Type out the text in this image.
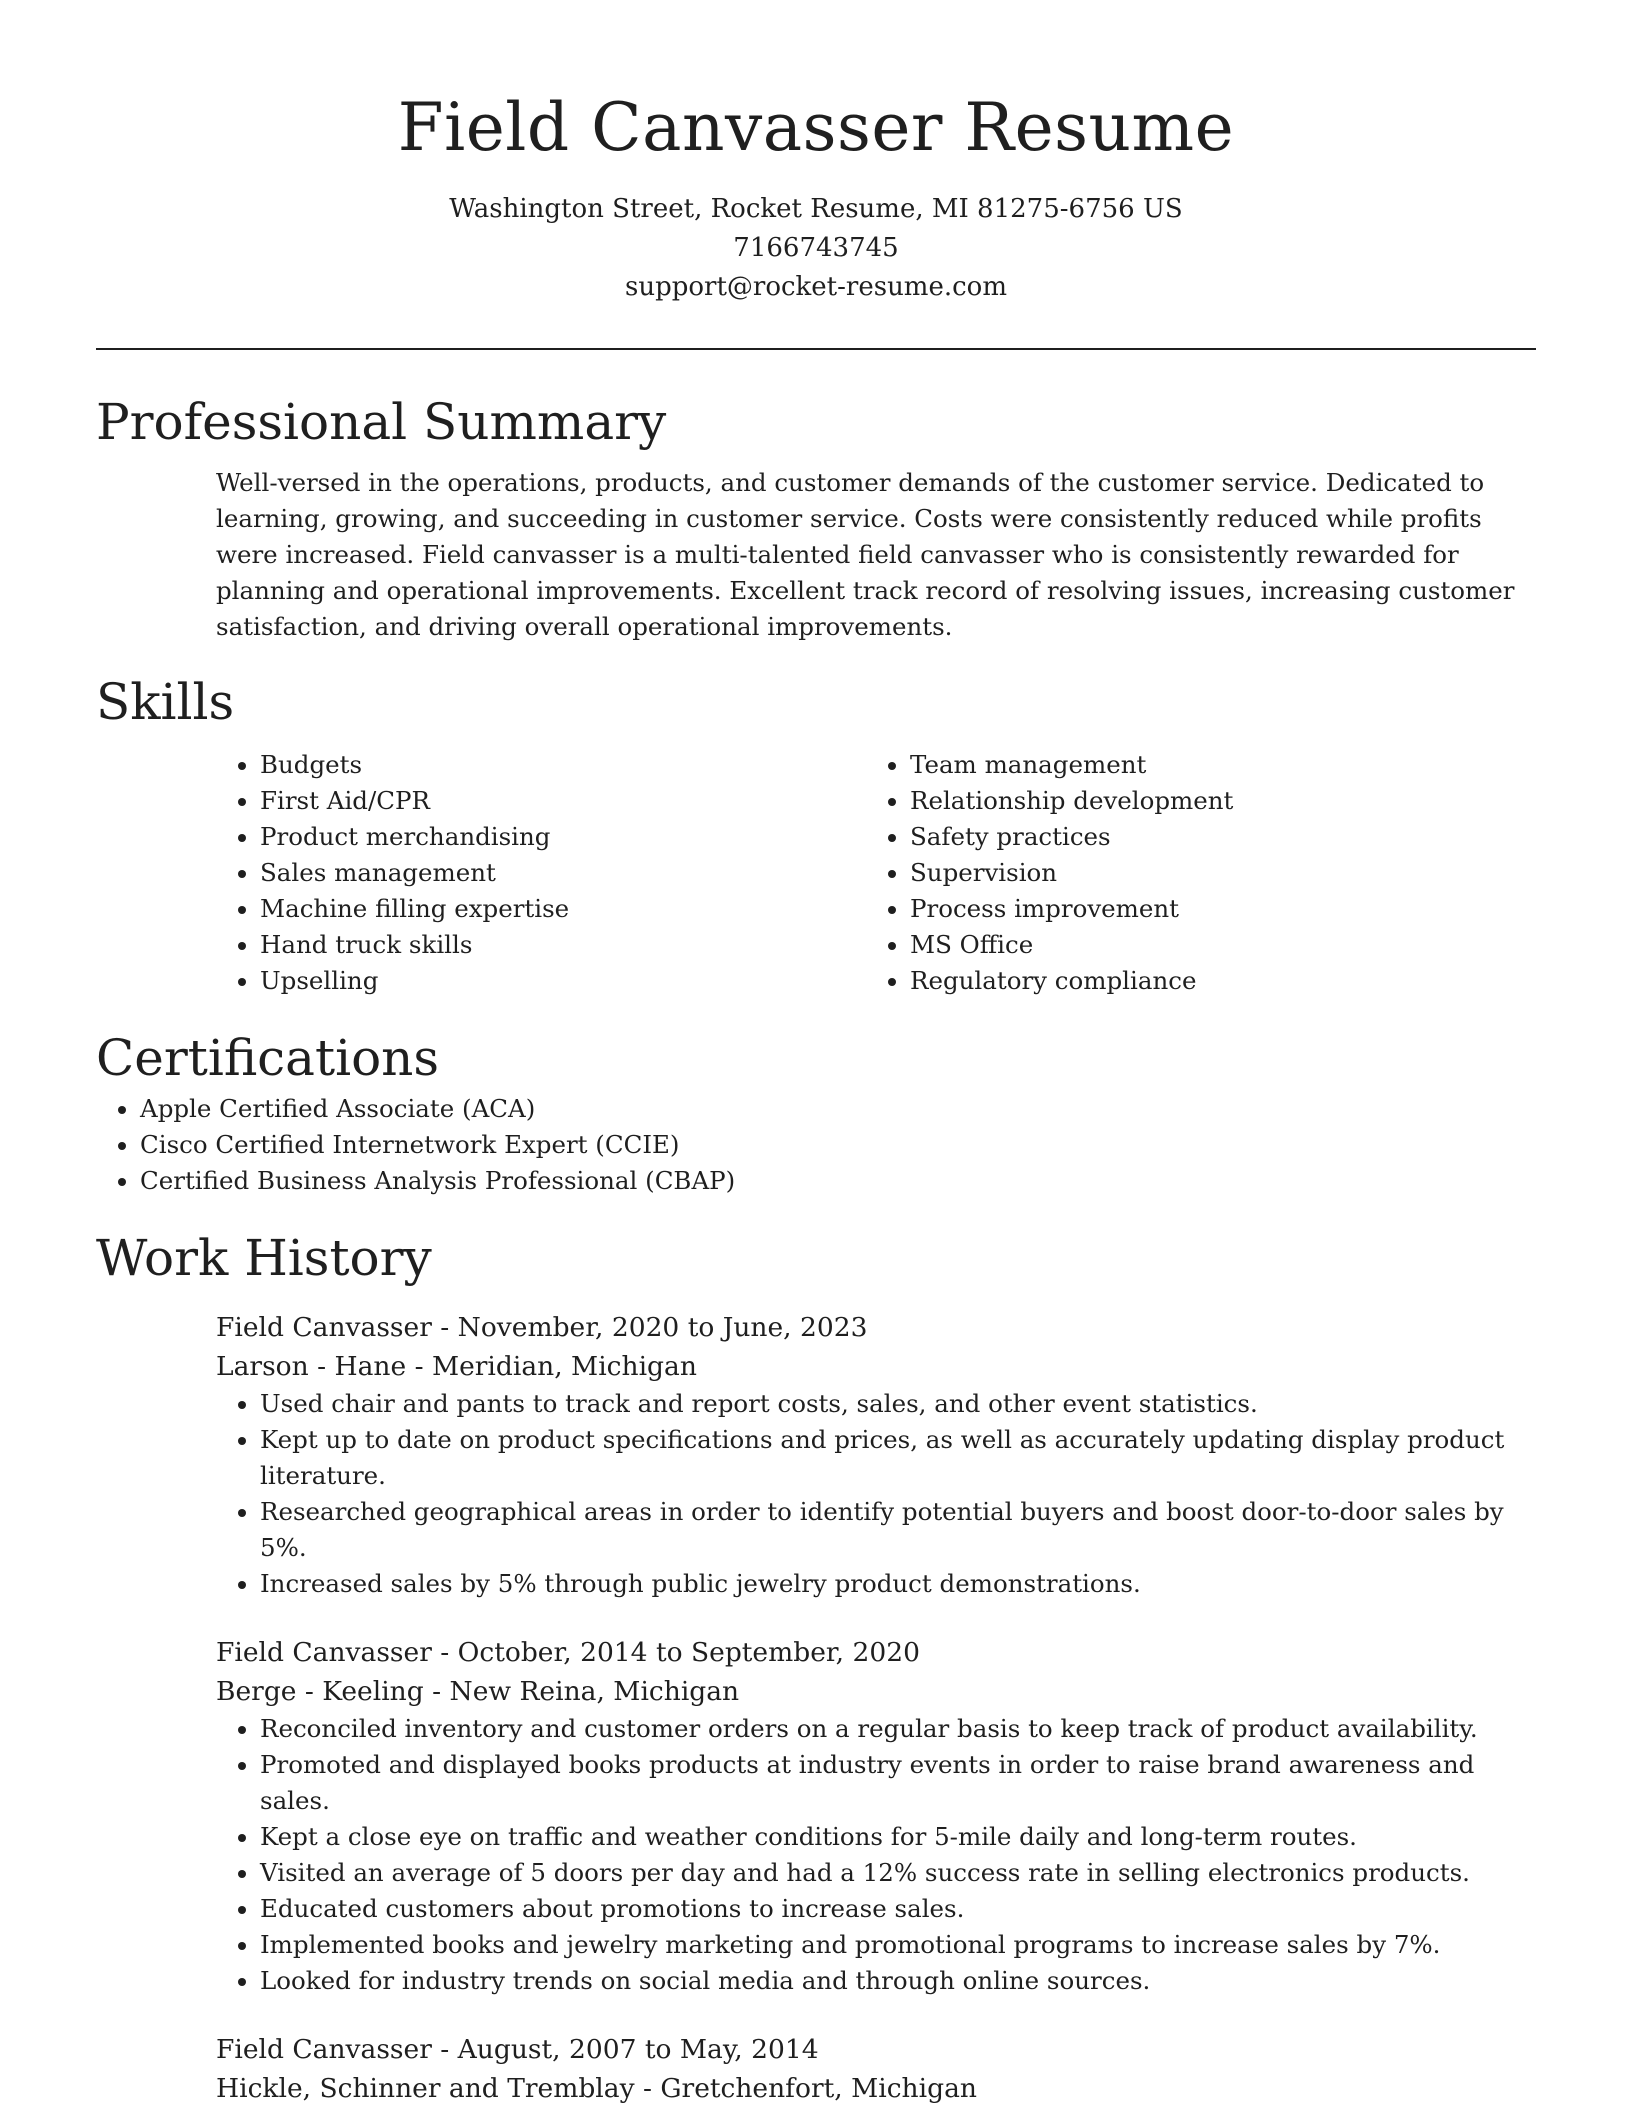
Field Canvasser Resume
Washington Street, Rocket Resume, MI 81275-6756 US
7166743745
support@rocket-resume.com
Professional Summary

Well-versed in the operations, products, and customer demands of the customer service. Dedicated to learning, growing, and succeeding in customer service. Costs were consistently reduced while profits were increased. Field canvasser is a multi-talented field canvasser who is consistently rewarded for planning and operational improvements. Excellent track record of resolving issues, increasing customer satisfaction, and driving overall operational improvements.

Skills
• Budgets
• First Aid/CPR
• Product merchandising
• Sales management
• Machine filling expertise
• Hand truck skills
• Upselling
• Team management
• Relationship development
• Safety practices
• Supervision
• Process improvement
• MS Office
• Regulatory compliance
Certifications
• Apple Certified Associate (ACA)
• Cisco Certified Internetwork Expert (CCIE)
• Certified Business Analysis Professional (CBAP)
Work History
Field Canvasser - November, 2020 to June, 2023
Larson - Hane - Meridian, Michigan
• Used chair and pants to track and report costs, sales, and other event statistics.
• Kept up to date on product specifications and prices, as well as accurately updating display product literature.
• Researched geographical areas in order to identify potential buyers and boost door-to-door sales by 5%.
• Increased sales by 5% through public jewelry product demonstrations.
Field Canvasser - October, 2014 to September, 2020
Berge - Keeling - New Reina, Michigan
• Reconciled inventory and customer orders on a regular basis to keep track of product availability.
• Promoted and displayed books products at industry events in order to raise brand awareness and sales.
• Kept a close eye on traffic and weather conditions for 5-mile daily and long-term routes.
• Visited an average of 5 doors per day and had a 12% success rate in selling electronics products.
• Educated customers about promotions to increase sales.
• Implemented books and jewelry marketing and promotional programs to increase sales by 7%.
• Looked for industry trends on social media and through online sources.
Field Canvasser - August, 2007 to May, 2014
Hickle, Schinner and Tremblay - Gretchenfort, Michigan
